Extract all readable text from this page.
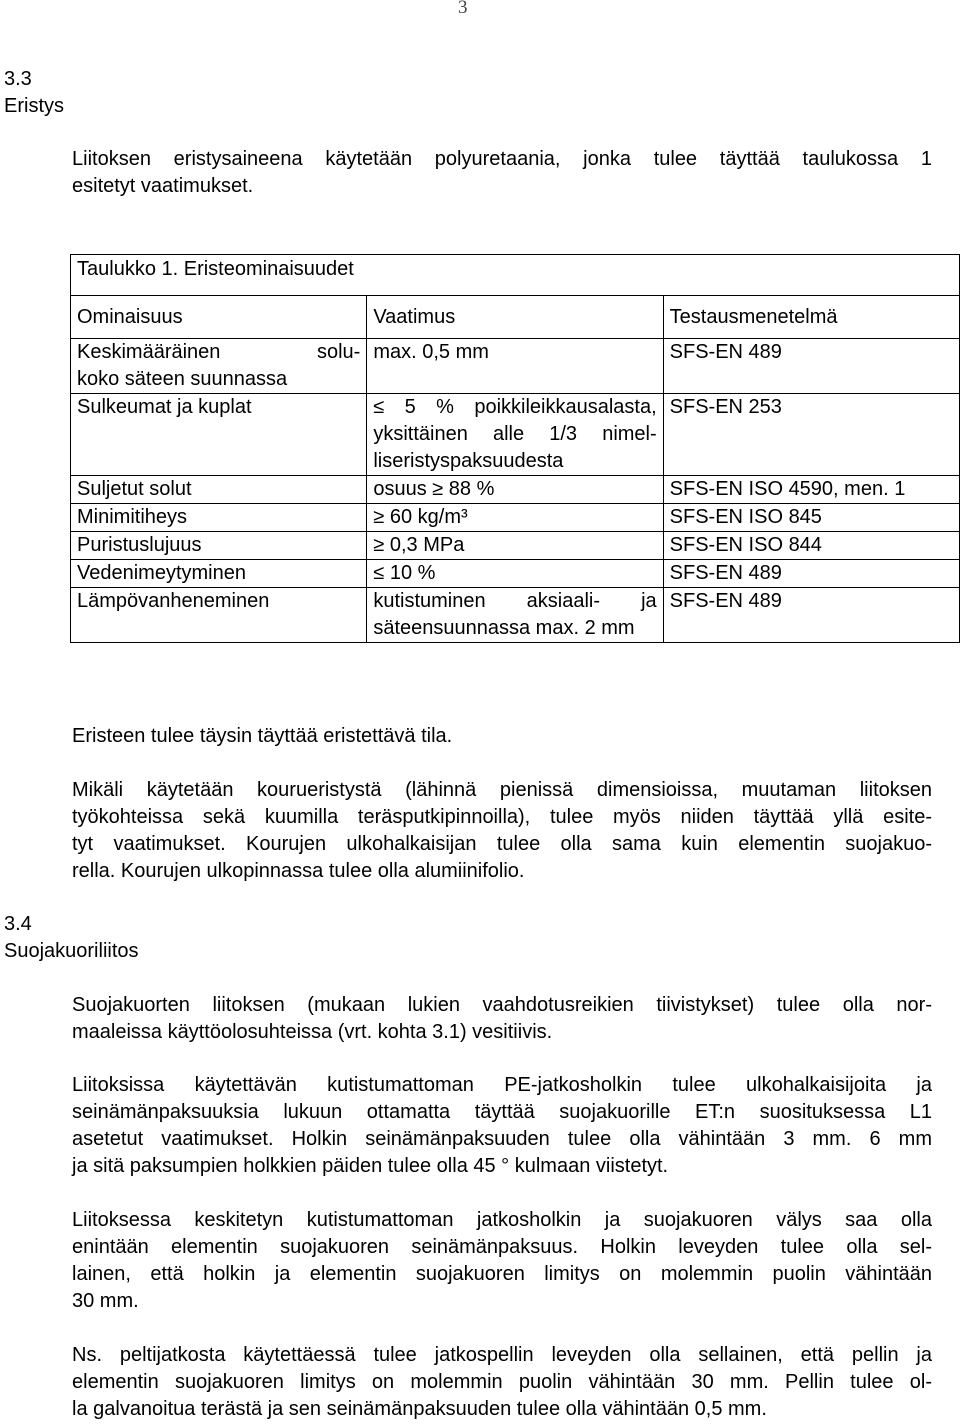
3
3.3
Eristys

Liitoksen eristysaineena käytetään polyuretaania, jonka tulee täyttää taulukossa 1
esitetyt vaatimukset.

Taulukko 1. Eristeominaisuudet		
Ominaisuus	Vaatimus	Testausmenetelmä

Keskimääräinen solu-
koko säteen suunnassa	max. 0,5 mm	SFS-EN 489

Sulkeumat ja kuplat	≤ 5 % poikkileikkausalasta,
yksittäinen alle 1/3 nimel-
liseristyspaksuudesta	SFS-EN 253

Suljetut solut	osuus ≥ 88 %	SFS-EN ISO 4590, men. 1

Minimitiheys	≥ 60 kg/m³	SFS-EN ISO 845

Puristuslujuus	≥ 0,3 MPa	SFS-EN ISO 844

Vedenimeytyminen	≤ 10 %	SFS-EN 489

Lämpövanheneminen	kutistuminen aksiaali- ja
säteensuunnassa max. 2 mm	SFS-EN 489

Eristeen tulee täysin täyttää eristettävä tila.

Mikäli käytetään kourueristystä (lähinnä pienissä dimensioissa, muutaman liitoksen
työkohteissa sekä kuumilla teräsputkipinnoilla), tulee myös niiden täyttää yllä esite-
tyt vaatimukset. Kourujen ulkohalkaisijan tulee olla sama kuin elementin suojakuo-
rella. Kourujen ulkopinnassa tulee olla alumiinifolio.

3.4
Suojakuoriliitos

Suojakuorten liitoksen (mukaan lukien vaahdotusreikien tiivistykset) tulee olla nor-
maaleissa käyttöolosuhteissa (vrt. kohta 3.1) vesitiivis.

Liitoksissa käytettävän kutistumattoman PE-jatkosholkin tulee ulkohalkaisijoita ja
seinämänpaksuuksia lukuun ottamatta täyttää suojakuorille ET:n suosituksessa L1
asetetut vaatimukset. Holkin seinämänpaksuuden tulee olla vähintään 3 mm. 6 mm
ja sitä paksumpien holkkien päiden tulee olla 45 ° kulmaan viistetyt.

Liitoksessa keskitetyn kutistumattoman jatkosholkin ja suojakuoren välys saa olla
enintään elementin suojakuoren seinämänpaksuus. Holkin leveyden tulee olla sel-
lainen, että holkin ja elementin suojakuoren limitys on molemmin puolin vähintään
30 mm.

Ns. peltijatkosta käytettäessä tulee jatkospellin leveyden olla sellainen, että pellin ja
elementin suojakuoren limitys on molemmin puolin vähintään 30 mm. Pellin tulee ol-
la galvanoitua terästä ja sen seinämänpaksuuden tulee olla vähintään 0,5 mm.
